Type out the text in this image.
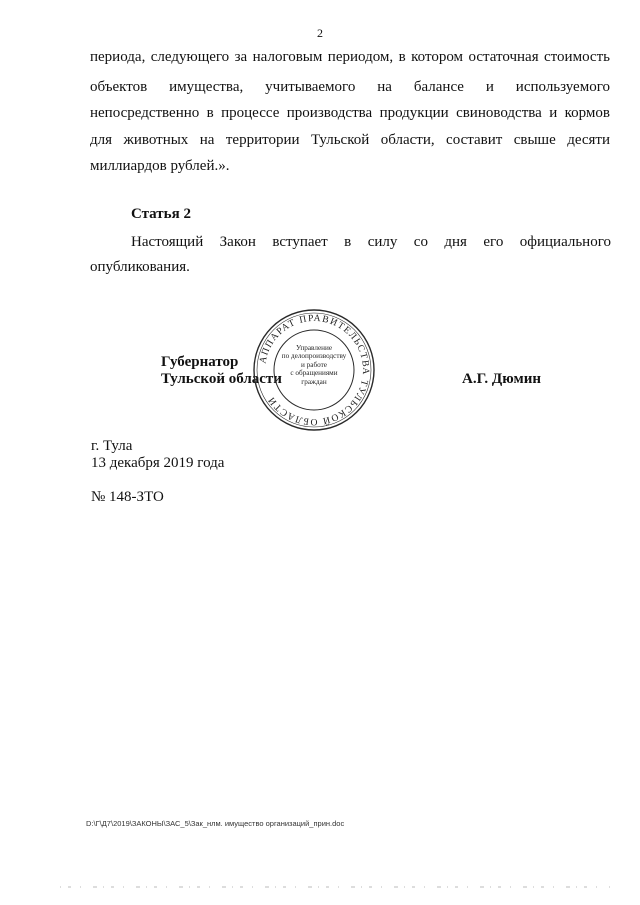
2
периода, следующего за налоговым периодом, в котором остаточная стоимость
объектов имущества, учитываемого на балансе и используемого
непосредственно в процессе производства продукции свиноводства и кормов
для животных на территории Тульской области, составит свыше десяти
миллиардов рублей.».
Статья 2
Настоящий Закон вступает в силу со дня его официального
опубликования.
Губернатор
Тульской области	А.Г. Дюмин
АППАРАТ ПРАВИТЕЛЬСТВА ТУЛЬСКОЙ ОБЛАСТИ
Управление
по делопроизводству
и работе
с обращениями
граждан
г. Тула
13 декабря 2019 года
№ 148-ЗТО
D:\Г\Д7\2019\ЗАКОНЫ\ЗАС_5\Зак_нлм. имущество организаций_прин.doc
